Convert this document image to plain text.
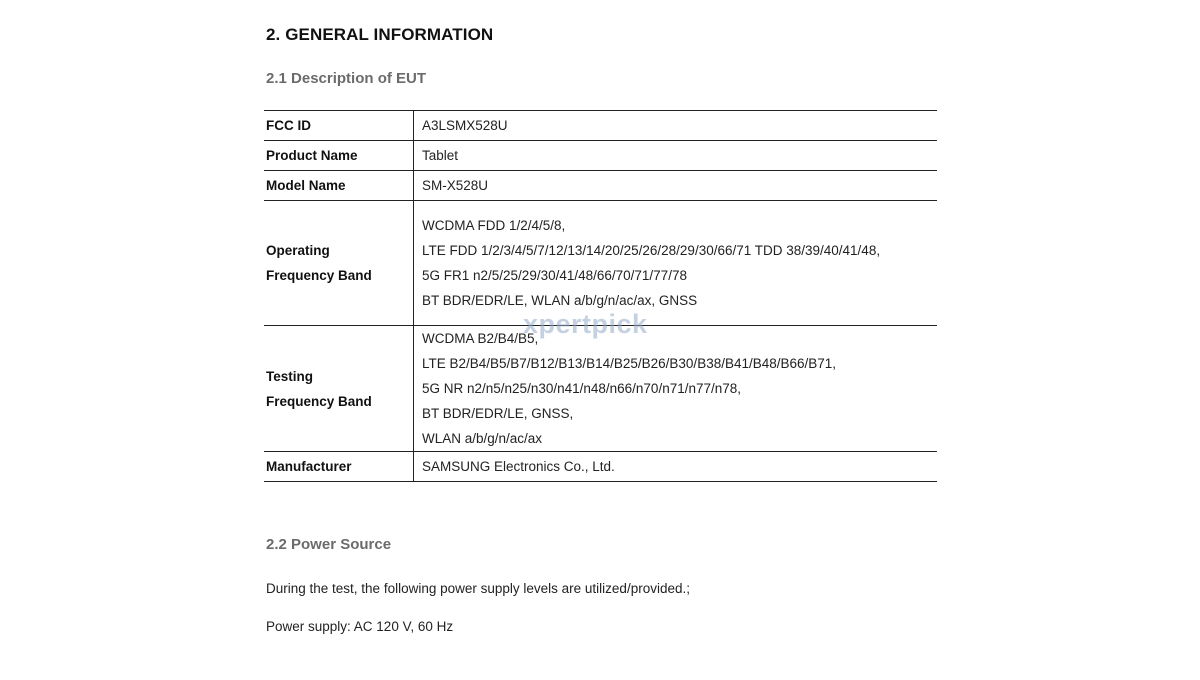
2. GENERAL INFORMATION
2.1 Description of EUT
FCC ID	A3LSMX528U
Product Name	Tablet
Model Name	SM-X528U

Operating
Frequency Band	WCDMA FDD 1/2/4/5/8,
LTE FDD 1/2/3/4/5/7/12/13/14/20/25/26/28/29/30/66/71 TDD 38/39/40/41/48,
5G FR1 n2/5/25/29/30/41/48/66/70/71/77/78
BT BDR/EDR/LE, WLAN a/b/g/n/ac/ax, GNSS

Testing
Frequency Band	WCDMA B2/B4/B5,
LTE B2/B4/B5/B7/B12/B13/B14/B25/B26/B30/B38/B41/B48/B66/B71,
5G NR n2/n5/n25/n30/n41/n48/n66/n70/n71/n77/n78,
BT BDR/EDR/LE, GNSS,
WLAN a/b/g/n/ac/ax

Manufacturer	SAMSUNG Electronics Co., Ltd.
xpertpick
2.2 Power Source

During the test, the following power supply levels are utilized/provided.;

Power supply: AC 120 V, 60 Hz
